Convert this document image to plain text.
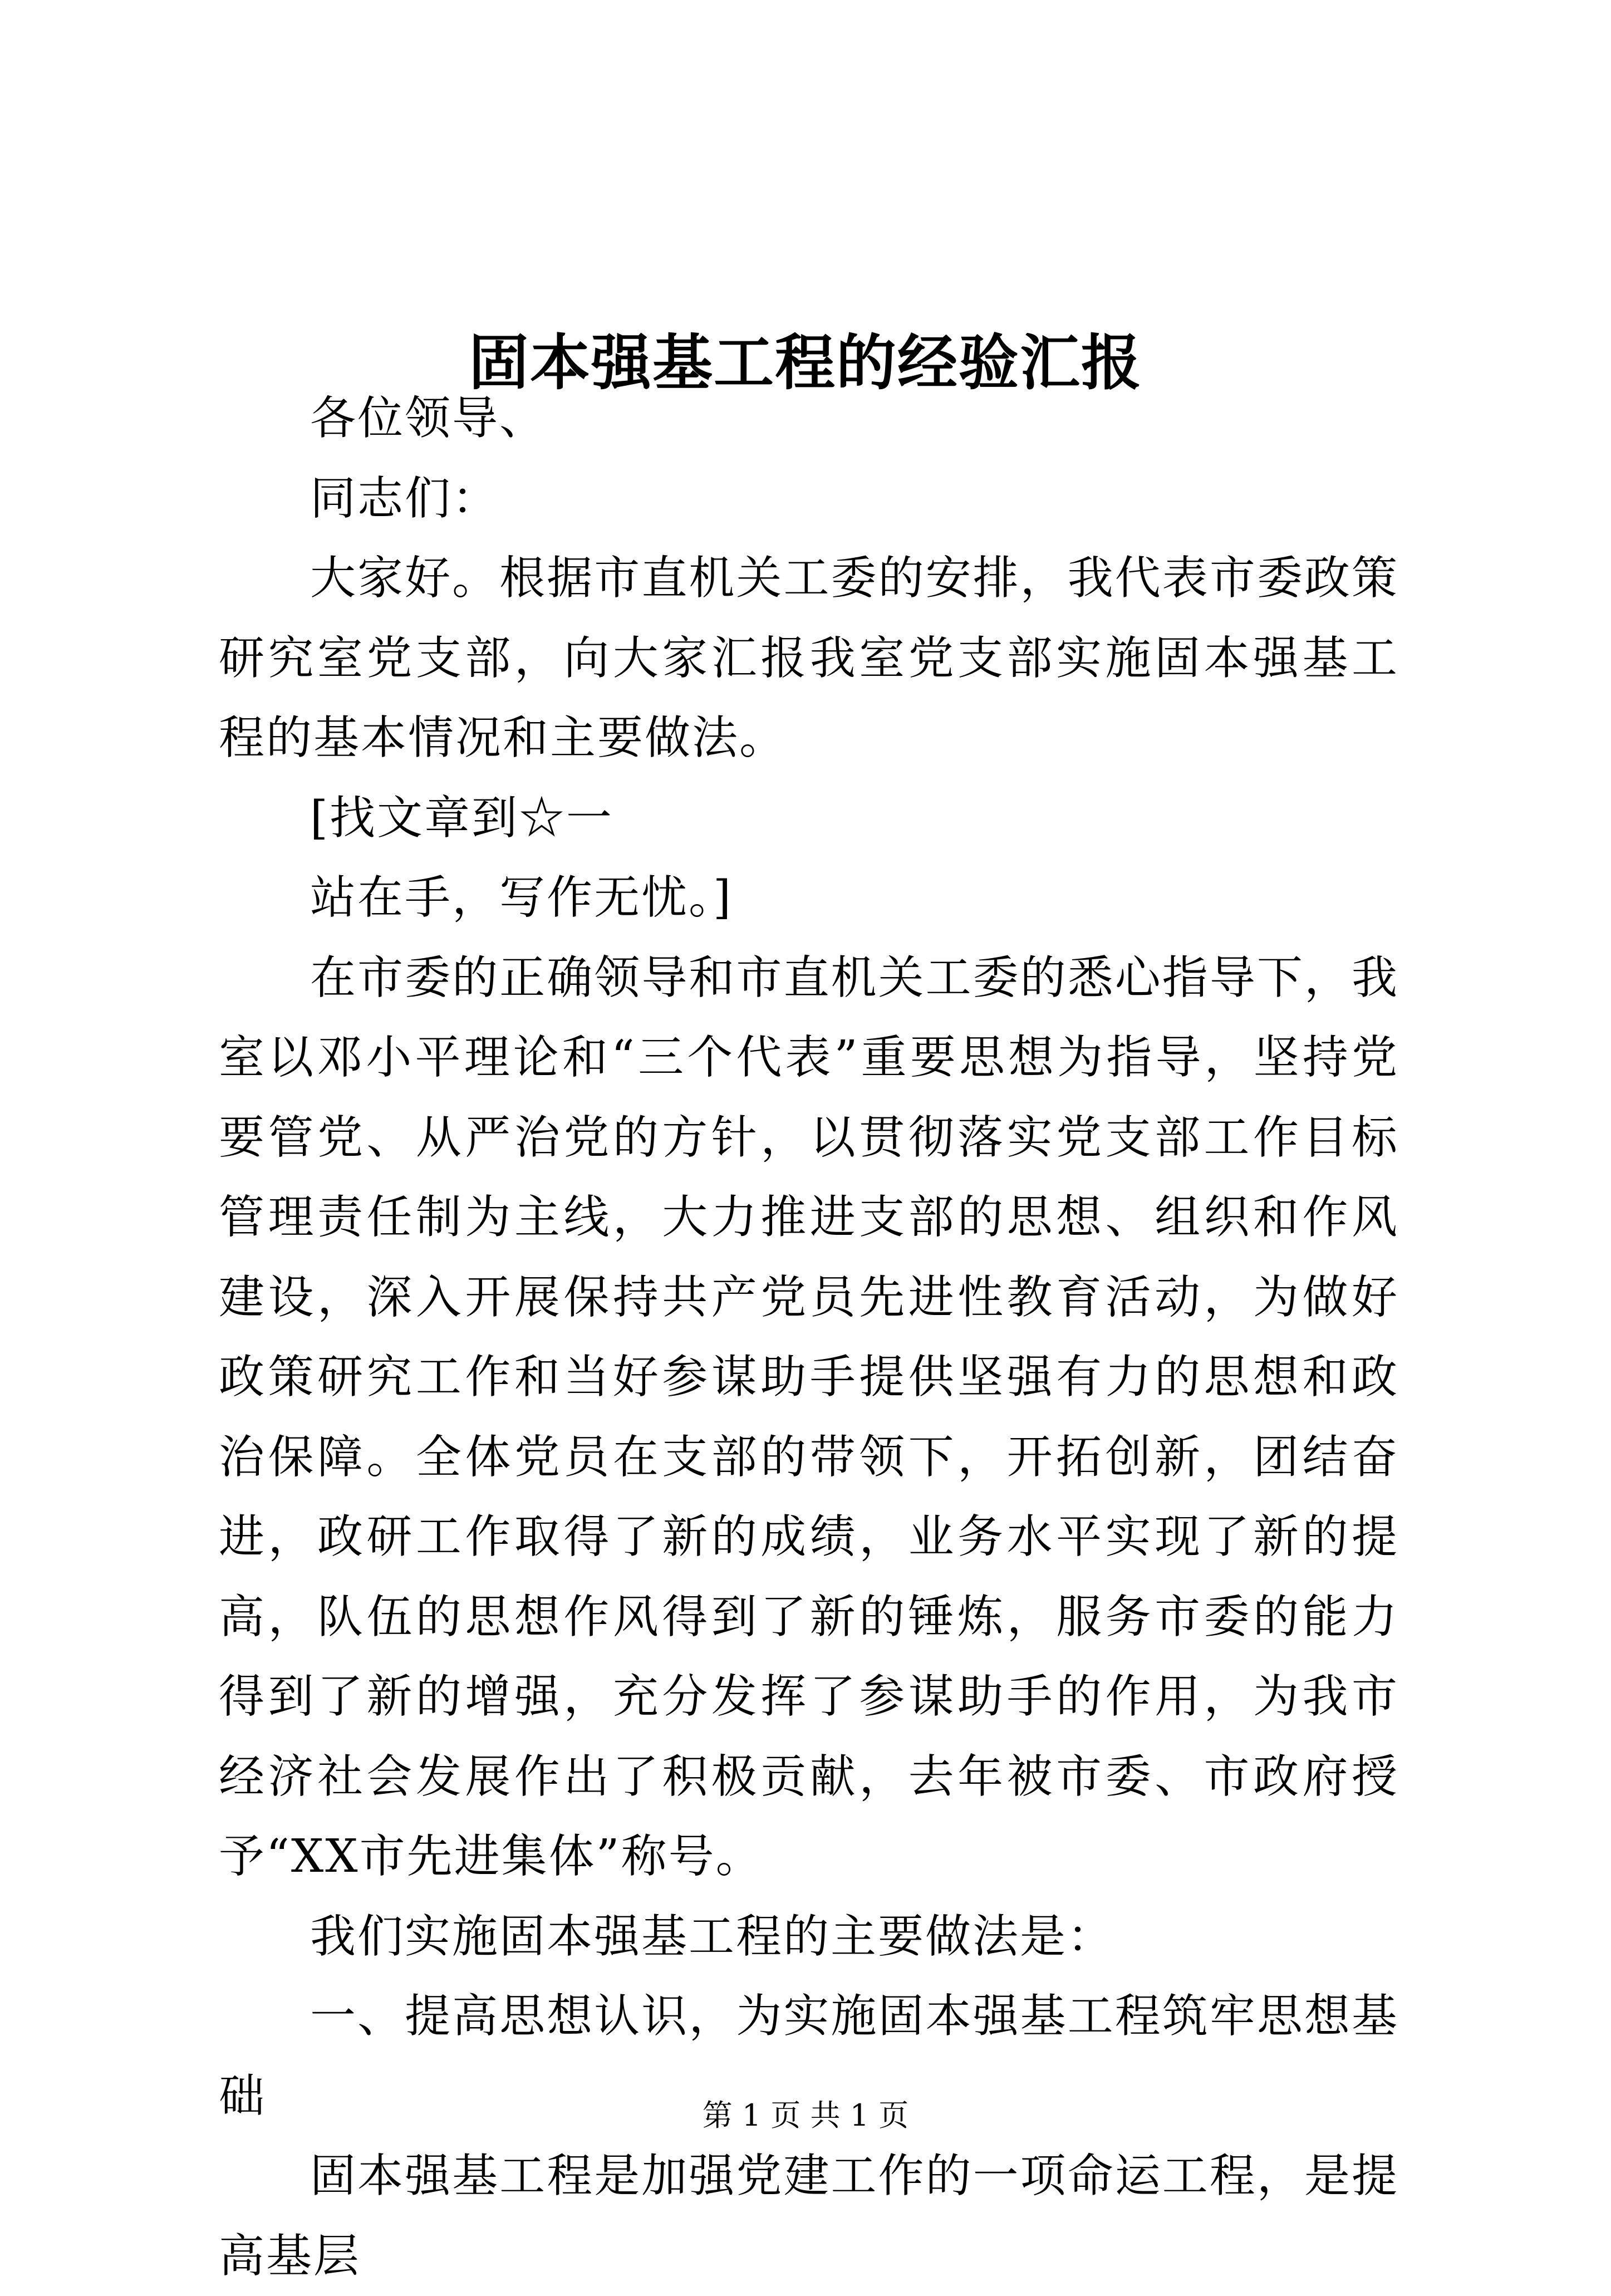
固本强基工程的经验汇报

各位领导、

同志们：

大家好。根据市直机关工委的安排，我代表市委政策研究室党支部，向大家汇报我室党支部实施固本强基工程的基本情况和主要做法。

[找文章到☆一

站在手，写作无忧。]

在市委的正确领导和市直机关工委的悉心指导下，我室以邓小平理论和“三个代表”重要思想为指导，坚持党要管党、从严治党的方针，以贯彻落实党支部工作目标管理责任制为主线，大力推进支部的思想、组织和作风建设，深入开展保持共产党员先进性教育活动，为做好政策研究工作和当好参谋助手提供坚强有力的思想和政治保障。全体党员在支部的带领下，开拓创新，团结奋进，政研工作取得了新的成绩，业务水平实现了新的提高，队伍的思想作风得到了新的锤炼，服务市委的能力得到了新的增强，充分发挥了参谋助手的作用，为我市经济社会发展作出了积极贡献，去年被市委、市政府授予“XX市先进集体”称号。

我们实施固本强基工程的主要做法是：

一、提高思想认识，为实施固本强基工程筑牢思想基础

固本强基工程是加强党建工作的一项命运工程，是提高基层

第 1 页 共 1 页
